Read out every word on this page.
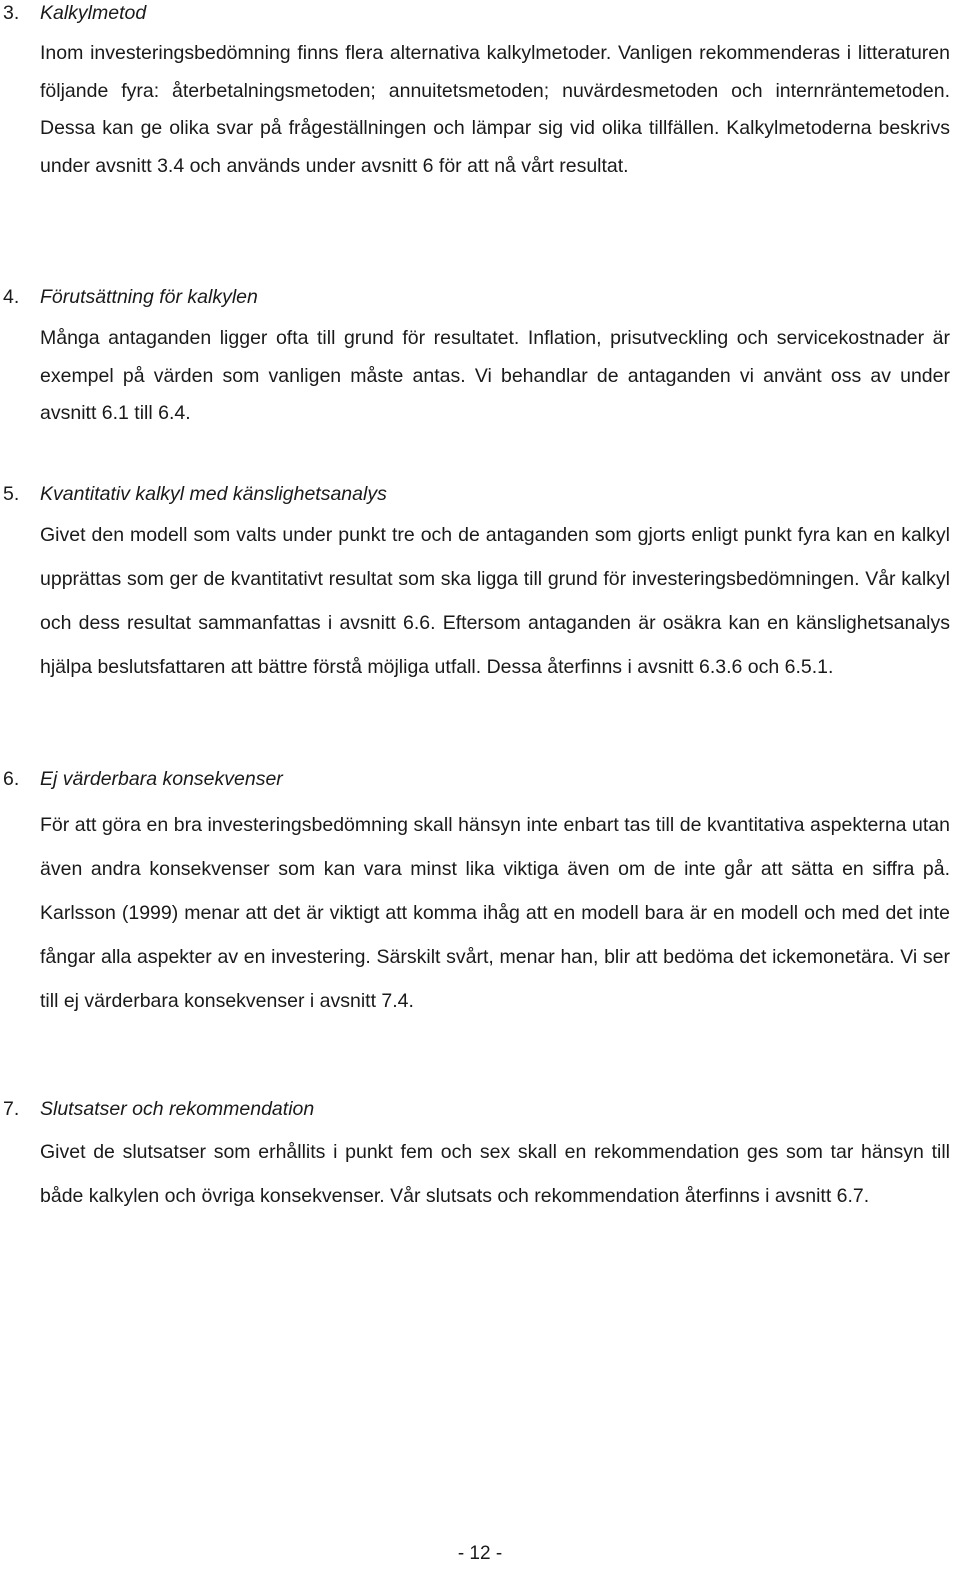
3. Kalkylmetod
Inom investeringsbedömning finns flera alternativa kalkylmetoder. Vanligen rekommenderas i litteraturen följande fyra: återbetalningsmetoden; annuitetsmetoden; nuvärdesmetoden och internräntemetoden. Dessa kan ge olika svar på frågeställningen och lämpar sig vid olika tillfällen. Kalkylmetoderna beskrivs under avsnitt 3.4 och används under avsnitt 6 för att nå vårt resultat.
4. Förutsättning för kalkylen
Många antaganden ligger ofta till grund för resultatet. Inflation, prisutveckling och servicekostnader är exempel på värden som vanligen måste antas. Vi behandlar de antaganden vi använt oss av under avsnitt 6.1 till 6.4.
5. Kvantitativ kalkyl med känslighetsanalys
Givet den modell som valts under punkt tre och de antaganden som gjorts enligt punkt fyra kan en kalkyl upprättas som ger de kvantitativt resultat som ska ligga till grund för investeringsbedömningen. Vår kalkyl och dess resultat sammanfattas i avsnitt 6.6. Eftersom antaganden är osäkra kan en känslighetsanalys hjälpa beslutsfattaren att bättre förstå möjliga utfall. Dessa återfinns i avsnitt 6.3.6 och 6.5.1.
6. Ej värderbara konsekvenser
För att göra en bra investeringsbedömning skall hänsyn inte enbart tas till de kvantitativa aspekterna utan även andra konsekvenser som kan vara minst lika viktiga även om de inte går att sätta en siffra på. Karlsson (1999) menar att det är viktigt att komma ihåg att en modell bara är en modell och med det inte fångar alla aspekter av en investering. Särskilt svårt, menar han, blir att bedöma det ickemonetära. Vi ser till ej värderbara konsekvenser i avsnitt 7.4.
7. Slutsatser och rekommendation
Givet de slutsatser som erhållits i punkt fem och sex skall en rekommendation ges som tar hänsyn till både kalkylen och övriga konsekvenser. Vår slutsats och rekommendation återfinns i avsnitt 6.7.
- 12 -
